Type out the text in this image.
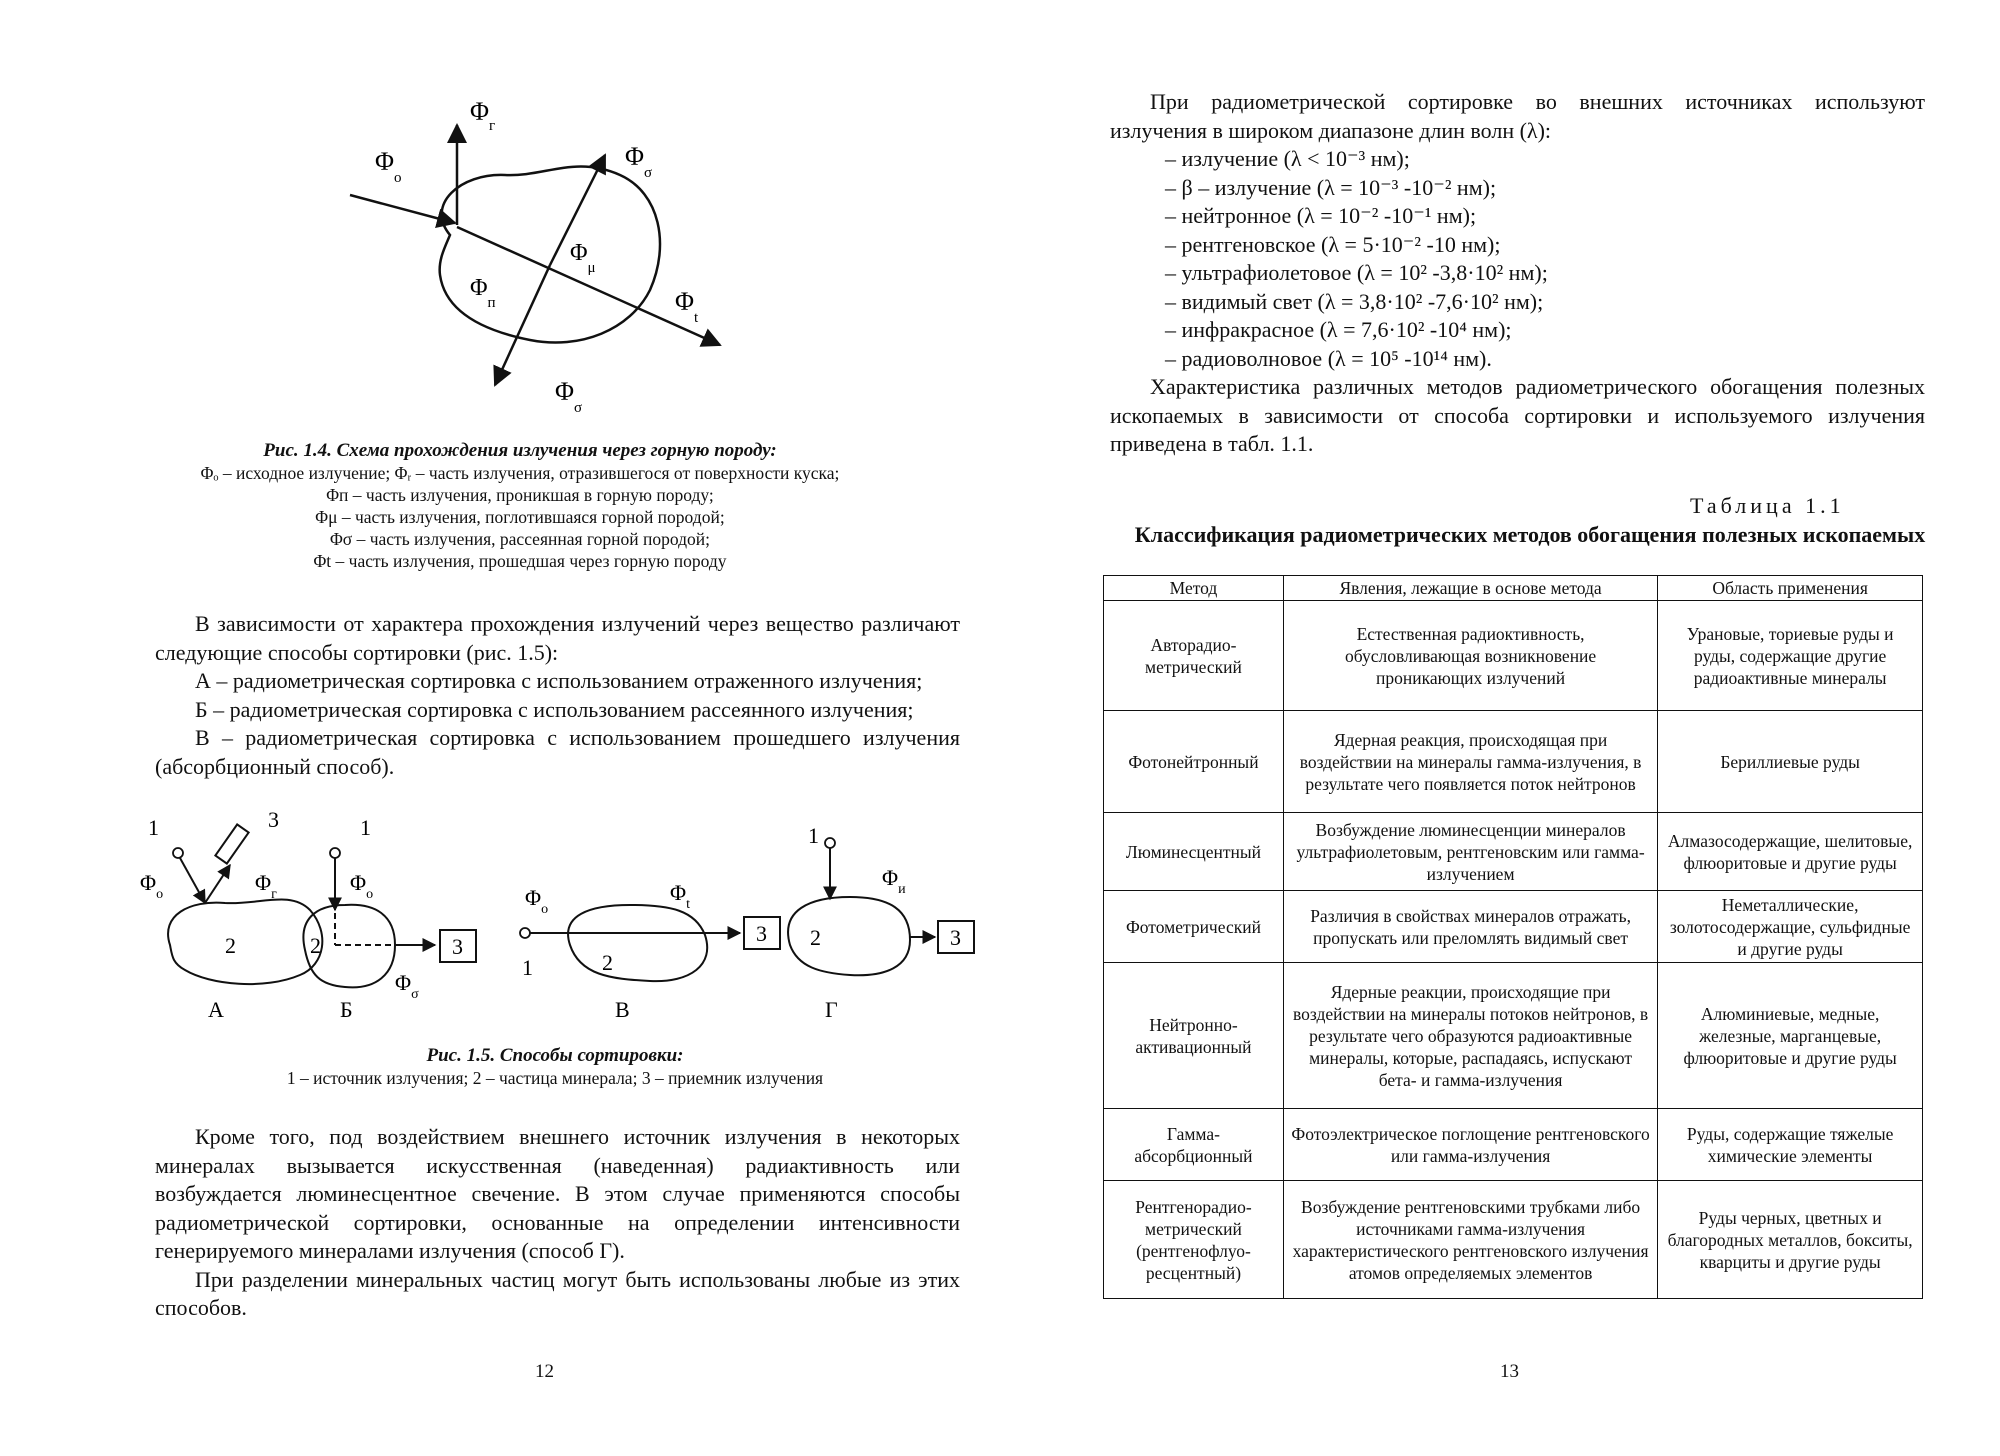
$\Phi_г$
$\Phi_о$
$\Phi_\sigma$
$\Phi_\mu$
$\Phi_п$	$\Phi_t$
$\Phi_\sigma$
Рис. 1.4. Схема прохождения излучения через горную породу:
Φₒ – исходное излучение; Φᵣ – часть излучения, отразившегося от поверхности куска;
Φп – часть излучения, проникшая в горную породу;
Φμ – часть излучения, поглотившаяся горной породой;
Φσ – часть излучения, рассеянная горной породой;
Φt – часть излучения, прошедшая через горную породу

В зависимости от характера прохождения излучений через вещество различают следующие способы сортировки (рис. 1.5):

А – радиометрическая сортировка с использованием отраженного излучения;

Б – радиометрическая сортировка с использованием рассеянного излучения;

В – радиометрическая сортировка с использованием прошедшего излучения (абсорбционный способ).

1	3
$\Phi_о$	$\Phi_г$
2
А
3
1
$\Phi_о$
2
$\Phi_\sigma$
Б
3
1
$\Phi_о$
$\Phi_t$
2
В
3
1
$\Phi_и$
2
Г
Рис. 1.5. Способы сортировки:
1 – источник излучения; 2 – частица минерала; 3 – приемник излучения

Кроме того, под воздействием внешнего источник излучения в некоторых минералах вызывается искусственная (наведенная) радиактивность или возбуждается люминесцентное свечение. В этом случае применяются способы радиометрической сортировки, основанные на определении интенсивности генерируемого минералами излучения (способ Г).

При разделении минеральных частиц могут быть использованы любые из этих способов.

12

При радиометрической сортировке во внешних источниках используют излучения в широком диапазоне длин волн (λ):

– излучение (λ < 10⁻³ нм);

– β – излучение (λ = 10⁻³ -10⁻² нм);

– нейтронное (λ = 10⁻² -10⁻¹ нм);

– рентгеновское (λ = 5·10⁻² -10 нм);

– ультрафиолетовое (λ = 10² -3,8·10² нм);

– видимый свет (λ = 3,8·10² -7,6·10² нм);

– инфракрасное (λ = 7,6·10² -10⁴ нм);

– радиоволновое (λ = 10⁵ -10¹⁴ нм).

Характеристика различных методов радиометрического обогащения полезных ископаемых в зависимости от способа сортировки и используемого излучения приведена в табл. 1.1.

Таблица 1.1
Классификация радиометрических методов обогащения полезных ископаемых
Метод	Явления, лежащие в основе метода	Область применения
Авторадио-метрический	Естественная радиоктивность, обусловливающая возникновение проникающих излучений	Урановые, ториевые руды и руды, содержащие другие радиоактивные минералы
Фотонейтронный	Ядерная реакция, происходящая при воздействии на минералы гамма-излучения, в результате чего появляется поток нейтронов	Бериллиевые руды
Люминесцентный	Возбуждение люминесценции минералов ультрафиолетовым, рентгеновским или гамма-излучением	Алмазосодержащие, шелитовые, флюоритовые и другие руды
Фотометрический	Различия в свойствах минералов отражать, пропускать или преломлять видимый свет	Неметаллические, золотосодержащие, сульфидные и другие руды
Нейтронно-активационный	Ядерные реакции, происходящие при воздействии на минералы потоков нейтронов, в результате чего образуются радиоактивные минералы, которые, распадаясь, испускают бета- и гамма-излучения	Алюминиевые, медные, железные, марганцевые, флюоритовые и другие руды
Гамма-абсорбционный	Фотоэлектрическое поглощение рентгеновского или гамма-излучения	Руды, содержащие тяжелые химические элементы
Рентгенорадио-метрический (рентгенофлуо-ресцентный)	Возбуждение рентгеновскими трубками либо источниками гамма-излучения характеристического рентгеновского излучения атомов определяемых элементов	Руды черных, цветных и благородных металлов, бокситы, кварциты и другие руды
13
